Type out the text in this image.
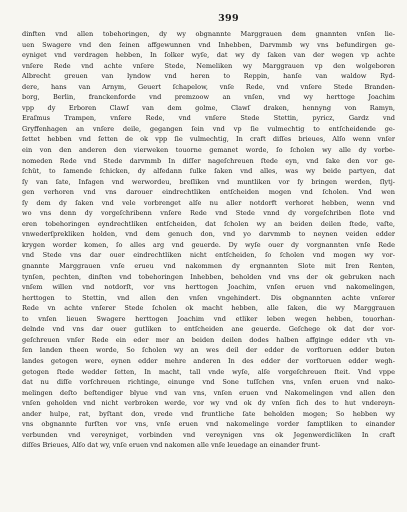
399
dinften vnd allen tobehoringen, dy wy obgnannte Marggrauen dem gnannten vnſen lie-
uen Swagere vnd den ſeinen affgewunnen vnd Inhebben, Darvmmb wy vns befundirgen ge-
eyniget vnd verdragen hebben, In ſolker wyſe, dat wy dy ſaken van der wegen vp achte
vnſere Rede vnd achte vnſere Stede, Nemeliken wy Marggrauen vp den wolgeboren
Albrecht greuen van lyndow vnd heren to Reppin, hanſe van waldow Ryd-
dere, hans van Arnym, Geuert ſchapelow, vnſe Rede, vnd vnſere Stede Branden-
borg, Berlin, franckenforde vnd premzoow an vnſen, vnd wy herttoge Joachim
vpp dy Erboren Clawſ van dem golme, Clawſ draken, hennyng von Ramyn,
Eraſmus Trampen, vnſere Rede, vnd vnſere Stede Stettin, pyricz, Gardz vnd
Gryffenhagen an vnſere deile, gegangen ſein vnd vp ſie vulmechtig to entſcheidende ge-
ſettet hebben vnd ſetten de ok vpp ſie vulmechtig, In craft diſſes brieues, Alſo wenn vnſer
ein von den anderen den vierweken touorne gemanet worde, ſo ſcholen wy alle dy vorbe-
nomeden Rede vnd Stede darvmmb In diſſer nageſchreuen ſtede eyn, vnd ſake den vor ge-
ſchüt, to ſamende ſchicken, dy alfedann ſulke ſaken vnd alles, was wy beide partyen, dat
ſy van ſate, Infagen vnd werwordeu, breſliken vnd muntliken vor ſy bringen werden, ſlytj-
gen verhoren vnd vns darouer eindrechtliken entſcheiden mogen vnd ſcholen. Vnd wen
ſy dem dy ſaken vnd vele vorbrenget alſe nu aller notdorft verhoret hebben, wenn vnd
wo vns denn dy vorgeſchribenn vnſere Rede vnd Stede vnnd dy vorgeſchriben ſlote vnd
eren tobehoringen eyndrechtliken entſcheiden, dat ſcholen wy an beiden deilen ſtede, vaſte,
vnwederſprekliken holden, vnd dem genuch don, vnd yo darvmmb to neynen veiden edder
krygen worder komen, ſo alles arg vnd geuerde. Dy wyſe ouer dy vorgnannten vnſe Rede
vnd Stede vns dar ouer eindrechtliken nicht entſcheiden, ſo ſcholen vnd mogen wy vor-
gnannte Marggrauen vnſe erueu vnd nakommen dy ergnannten Slote mit Iren Renten,
tynſen, pechten, dinſten vnd tobehoringen Inhebben, beholden vnd vns der ok gebruken nach
vnſem willen vnd notdorſt, vor vns herttogen Joachim, vnſen eruen vnd nakomelingen,
herttogen to Stettin, vnd allen den vnſen vngehindert. Dis obgnannten achte vnſerer
Rede vn achte vnſerer Stede ſcholen ok macht hebben, alle ſaken, die wy Marggrauen
to vnſen lieuen Swagere herttogen Joachim vnd etliker leben wegen hebben, touorhan-
delnde vnd vns dar ouer gutliken to entſcheiden ane geuerde. Geſchege ok dat der vor-
geſchreuen vnſer Rede ein eder mer an beiden deilen dodes halben affginge edder vth vn-
ſen landen theen worde, So ſcholen wy an wes deil der edder de vorſtoruen edder buten
landes getogen were, eynen edder mehre anderen In des edder der vorſtoruen edder wegh-
getogen ſtede wedder ſetten, In macht, tall vnde wyſe, alſe vorgeſchreuen ſteit. Vnd vppe
dat nu diſſe vorſchreuen richtinge, einunge vnd Sone tuſſchen vns, vnſen eruen vnd nako-
melingen deſto beſtendiger blyue vnd van vns, vnſen eruen vnd Nakomelingen vnd allen den
vnſen geholden vnd nicht verbroken werde, vor wy vnd ok dy vnſen ſich des to hut vndereyn-
ander hulpe, rat, byſtant don, vrede vnd fruntliche ſate beholden mogen; So hebben wy
vns obgnannte furſten vor vns, vnſe eruen vnd nakomelinge vorder ſamptliken to einander
verbunden vnd vereyniget, vorbinden vnd vereynigen vns ok Jegenwerdicliken In craft
diſſes Brieues, Alſo dat wy, vnſe eruen vnd nakomen alle vnſe leuedage an einander frunt-
